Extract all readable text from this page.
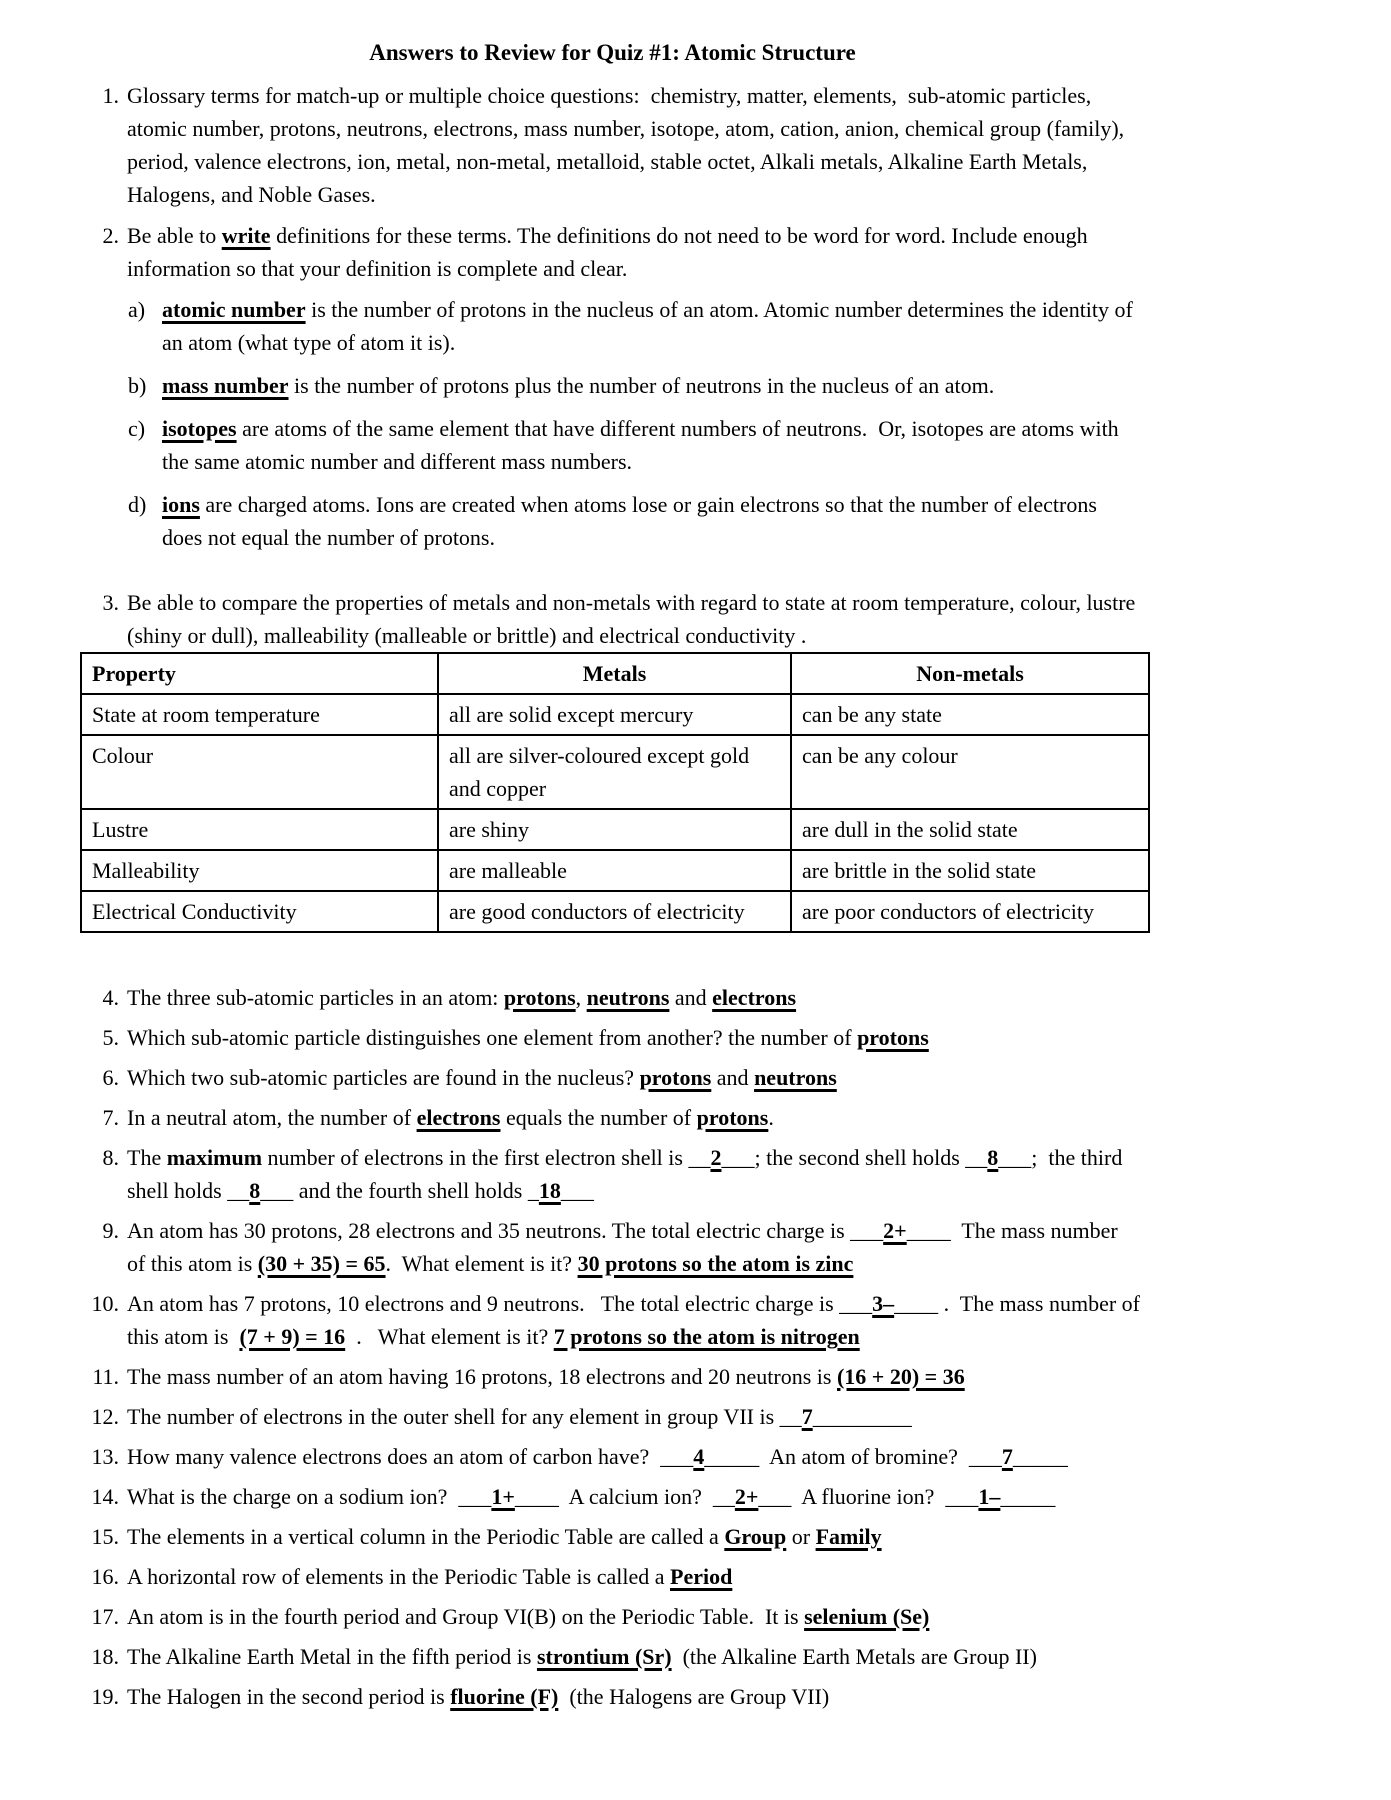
Answers to Review for Quiz #1: Atomic Structure
1. Glossary terms for match-up or multiple choice questions:  chemistry, matter, elements,  sub-atomic particles, atomic number, protons, neutrons, electrons, mass number, isotope, atom, cation, anion, chemical group (family), period, valence electrons, ion, metal, non-metal, metalloid, stable octet, Alkali metals, Alkaline Earth Metals, Halogens, and Noble Gases.
2. Be able to write definitions for these terms. The definitions do not need to be word for word. Include enough information so that your definition is complete and clear.
a) atomic number is the number of protons in the nucleus of an atom. Atomic number determines the identity of an atom (what type of atom it is).
b) mass number is the number of protons plus the number of neutrons in the nucleus of an atom.
c) isotopes are atoms of the same element that have different numbers of neutrons.  Or, isotopes are atoms with the same atomic number and different mass numbers.
d) ions are charged atoms. Ions are created when atoms lose or gain electrons so that the number of electrons does not equal the number of protons.
3. Be able to compare the properties of metals and non-metals with regard to state at room temperature, colour, lustre (shiny or dull), malleability (malleable or brittle) and electrical conductivity .
Property	Metals	Non-metals
State at room temperature	all are solid except mercury	can be any state
Colour	all are silver-coloured except gold and copper	can be any colour
Lustre	are shiny	are dull in the solid state
Malleability	are malleable	are brittle in the solid state
Electrical Conductivity	are good conductors of electricity	are poor conductors of electricity
4. The three sub-atomic particles in an atom: protons, neutrons and electrons
5. Which sub-atomic particle distinguishes one element from another? the number of protons
6. Which two sub-atomic particles are found in the nucleus? protons and neutrons
7. In a neutral atom, the number of electrons equals the number of protons.
8. The maximum number of electrons in the first electron shell is __2___; the second shell holds __8___;  the third shell holds __8___ and the fourth shell holds _18___
9. An atom has 30 protons, 28 electrons and 35 neutrons. The total electric charge is ___2+____  The mass number of this atom is (30 + 35) = 65.  What element is it? 30 protons so the atom is zinc
10. An atom has 7 protons, 10 electrons and 9 neutrons.   The total electric charge is ___3–____ .  The mass number of this atom is  (7 + 9) = 16  .   What element is it? 7 protons so the atom is nitrogen
11. The mass number of an atom having 16 protons, 18 electrons and 20 neutrons is (16 + 20) = 36
12. The number of electrons in the outer shell for any element in group VII is __7_________
13. How many valence electrons does an atom of carbon have?  ___4_____  An atom of bromine?  ___7_____
14. What is the charge on a sodium ion?  ___1+____  A calcium ion?  __2+___  A fluorine ion?  ___1–_____
15. The elements in a vertical column in the Periodic Table are called a Group or Family
16. A horizontal row of elements in the Periodic Table is called a Period
17. An atom is in the fourth period and Group VI(B) on the Periodic Table.  It is selenium (Se)
18. The Alkaline Earth Metal in the fifth period is strontium (Sr)  (the Alkaline Earth Metals are Group II)
19. The Halogen in the second period is fluorine (F)  (the Halogens are Group VII)
